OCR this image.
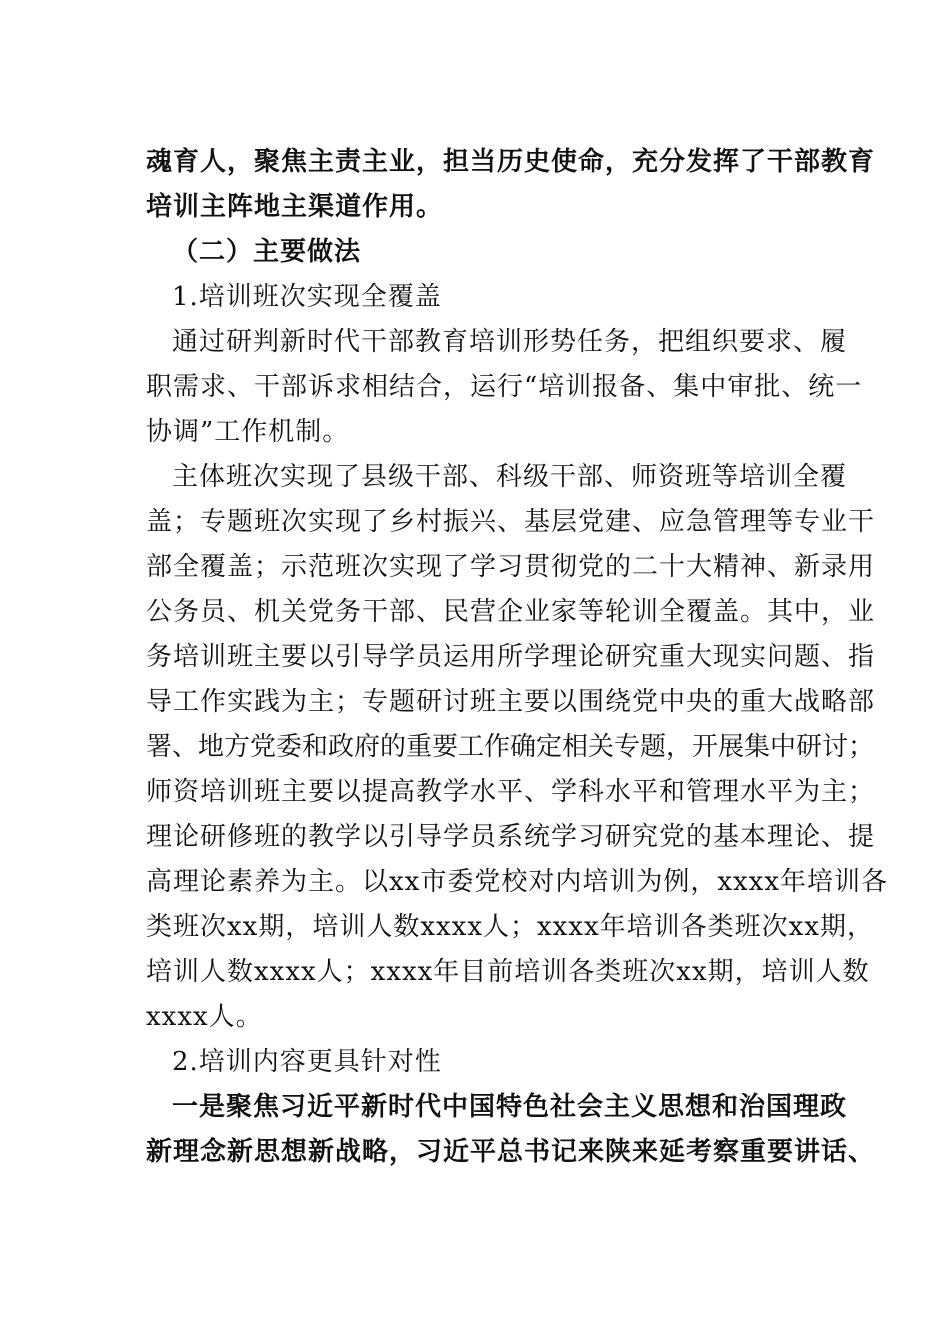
魂育人，聚焦主责主业，担当历史使命，充分发挥了干部教育
培训主阵地主渠道作用。
（二）主要做法
1.培训班次实现全覆盖
通过研判新时代干部教育培训形势任务，把组织要求、履
职需求、干部诉求相结合，运行“培训报备、集中审批、统一
协调”工作机制。
主体班次实现了县级干部、科级干部、师资班等培训全覆
盖；专题班次实现了乡村振兴、基层党建、应急管理等专业干
部全覆盖；示范班次实现了学习贯彻党的二十大精神、新录用
公务员、机关党务干部、民营企业家等轮训全覆盖。其中，业
务培训班主要以引导学员运用所学理论研究重大现实问题、指
导工作实践为主；专题研讨班主要以围绕党中央的重大战略部
署、地方党委和政府的重要工作确定相关专题，开展集中研讨；
师资培训班主要以提高教学水平、学科水平和管理水平为主；
理论研修班的教学以引导学员系统学习研究党的基本理论、提
高理论素养为主。以xx市委党校对内培训为例，xxxx年培训各
类班次xx期，培训人数xxxx人；xxxx年培训各类班次xx期，
培训人数xxxx人；xxxx年目前培训各类班次xx期，培训人数
xxxx人。
2.培训内容更具针对性
一是聚焦习近平新时代中国特色社会主义思想和治国理政
新理念新思想新战略，习近平总书记来陕来延考察重要讲话、
